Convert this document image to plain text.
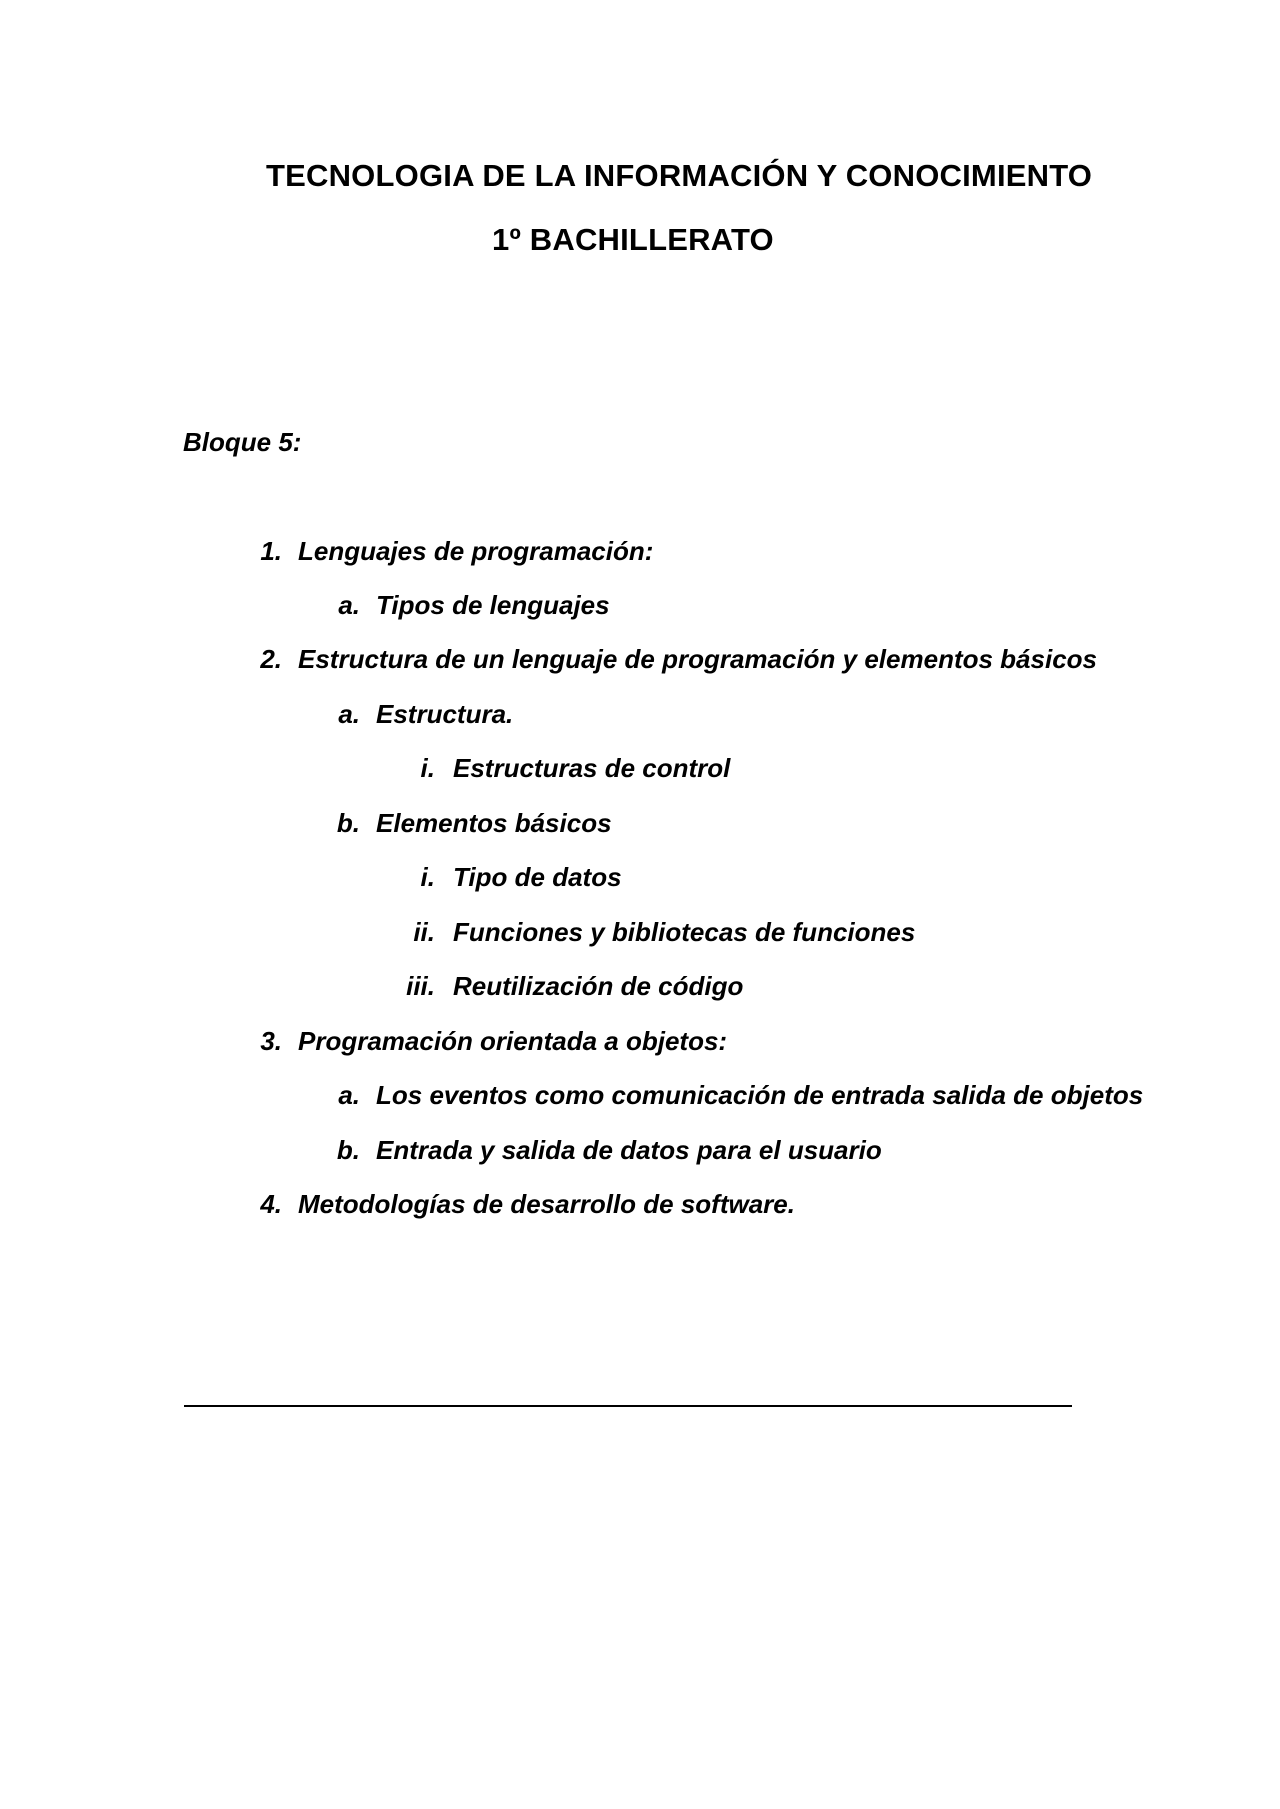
TECNOLOGIA DE LA INFORMACIÓN Y CONOCIMIENTO
1º BACHILLERATO
Bloque 5:
1. Lenguajes de programación:
a. Tipos de lenguajes
2. Estructura de un lenguaje de programación y elementos básicos
a. Estructura.
i. Estructuras de control
b. Elementos básicos
i. Tipo de datos
ii. Funciones y bibliotecas de funciones
iii. Reutilización de código
3. Programación orientada a objetos:
a. Los eventos como comunicación de entrada salida de objetos
b. Entrada y salida de datos para el usuario
4. Metodologías de desarrollo de software.
